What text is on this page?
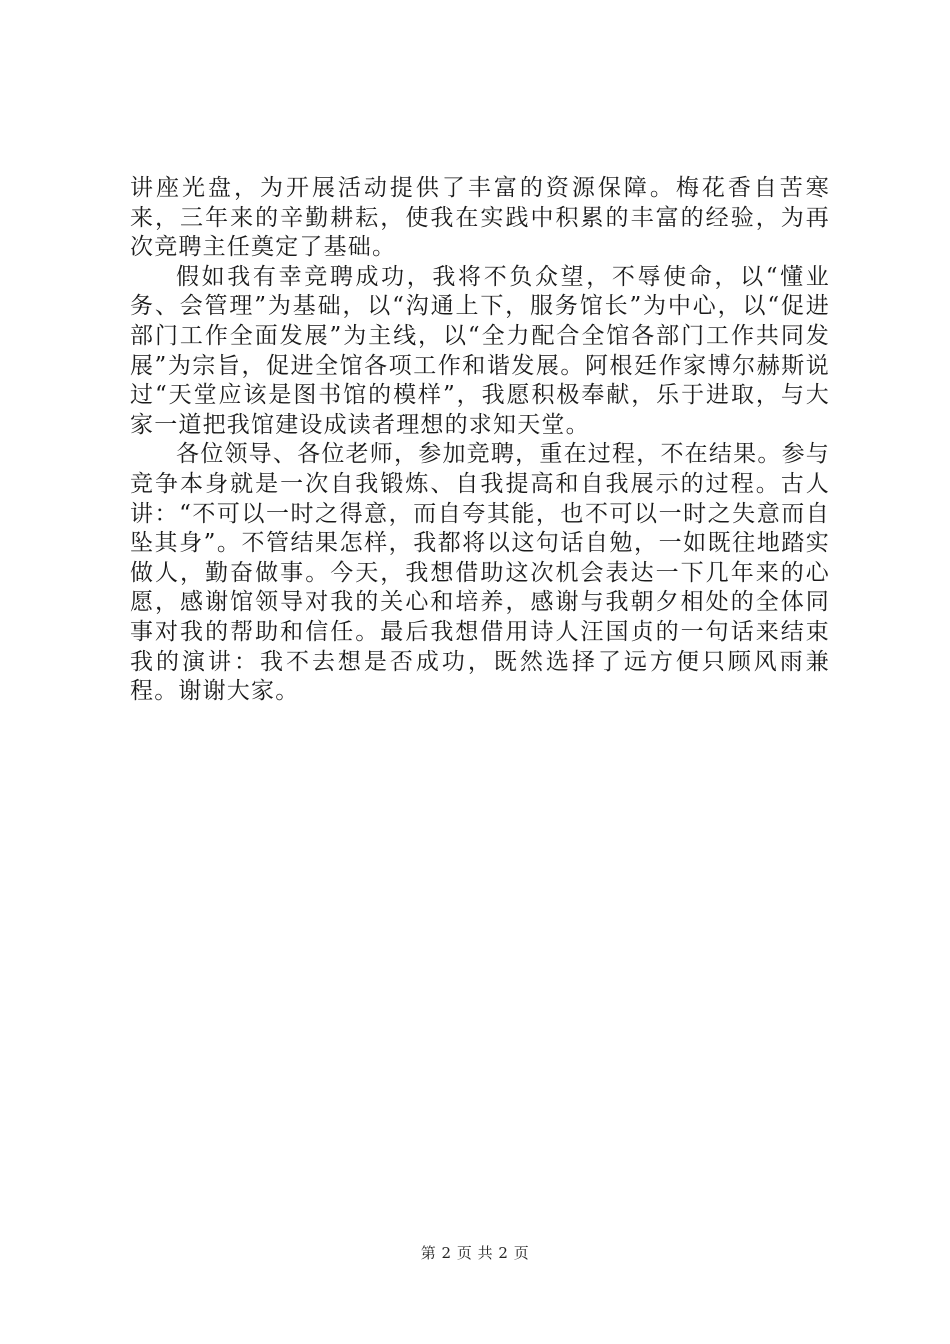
讲座光盘，为开展活动提供了丰富的资源保障。梅花香自苦寒来，三年来的辛勤耕耘，使我在实践中积累的丰富的经验，为再次竞聘主任奠定了基础。

假如我有幸竞聘成功，我将不负众望，不辱使命，以“懂业务、会管理”为基础，以“沟通上下，服务馆长”为中心，以“促进部门工作全面发展”为主线，以“全力配合全馆各部门工作共同发展”为宗旨，促进全馆各项工作和谐发展。阿根廷作家博尔赫斯说过“天堂应该是图书馆的模样”，我愿积极奉献，乐于进取，与大家一道把我馆建设成读者理想的求知天堂。

各位领导、各位老师，参加竞聘，重在过程，不在结果。参与竞争本身就是一次自我锻炼、自我提高和自我展示的过程。古人讲：“不可以一时之得意，而自夸其能，也不可以一时之失意而自坠其身”。不管结果怎样，我都将以这句话自勉，一如既往地踏实做人，勤奋做事。今天，我想借助这次机会表达一下几年来的心愿，感谢馆领导对我的关心和培养，感谢与我朝夕相处的全体同事对我的帮助和信任。最后我想借用诗人汪国贞的一句话来结束我的演讲：我不去想是否成功，既然选择了远方便只顾风雨兼程。谢谢大家。

第 2 页 共 2 页
